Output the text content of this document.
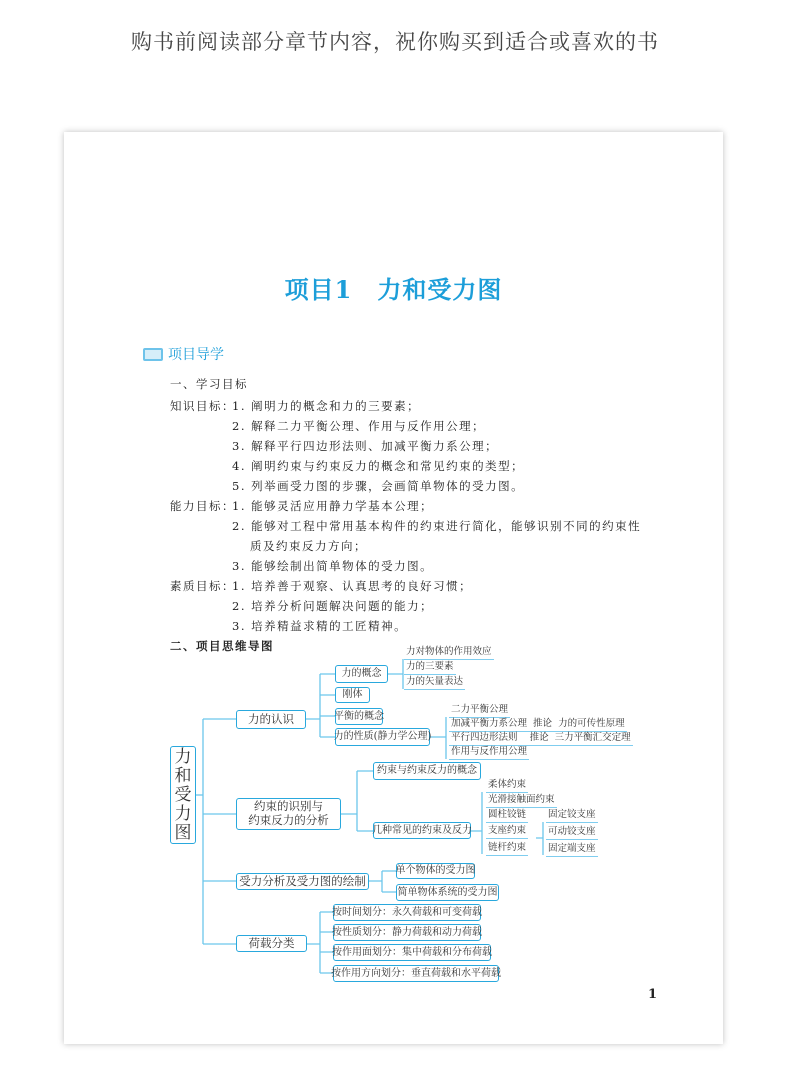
购书前阅读部分章节内容，祝你购买到适合或喜欢的书
项目1　力和受力图
项目导学
一、学习目标
知识目标：
1. 阐明力的概念和力的三要素；
2. 解释二力平衡公理、作用与反作用公理；
3. 解释平行四边形法则、加减平衡力系公理；
4. 阐明约束与约束反力的概念和常见约束的类型；
5. 列举画受力图的步骤，会画简单物体的受力图。
能力目标：
1. 能够灵活应用静力学基本公理；
2. 能够对工程中常用基本构件的约束进行简化，能够识别不同的约束性
质及约束反力方向；
3. 能够绘制出简单物体的受力图。
素质目标：
1. 培养善于观察、认真思考的良好习惯；
2. 培养分析问题解决问题的能力；
3. 培养精益求精的工匠精神。
二、项目思维导图
力和受力图
力的认识
力的概念
刚体
平衡的概念
力的性质(静力学公理)
力对物体的作用效应
力的三要素
力的矢量表达
二力平衡公理
加减平衡力系公理  推论  力的可传性原理
平行四边形法则    推论  三力平衡汇交定理
作用与反作用公理
约束的识别与
约束反力的分析
约束与约束反力的概念
几种常见的约束及反力
柔体约束
光滑接触面约束
圆柱铰链
支座约束
链杆约束
固定铰支座
可动铰支座
固定端支座
受力分析及受力图的绘制
单个物体的受力图
简单物体系统的受力图
荷载分类
按时间划分：永久荷载和可变荷载
按性质划分：静力荷载和动力荷载
按作用面划分：集中荷载和分布荷载
按作用方向划分：垂直荷载和水平荷载
1
